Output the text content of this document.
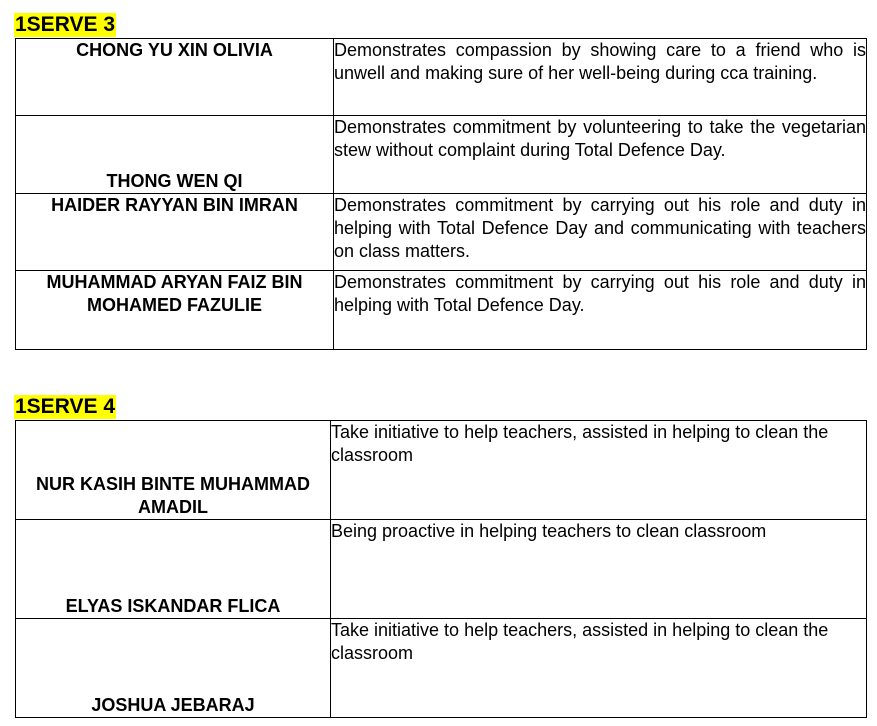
1SERVE 3
CHONG YU XIN OLIVIA	Demonstrates compassion by showing care to a friend who is unwell and making sure of her well-being during cca training.
THONG WEN QI	Demonstrates commitment by volunteering to take the vegetarian stew without complaint during Total Defence Day.
HAIDER RAYYAN BIN IMRAN	Demonstrates commitment by carrying out his role and duty in helping with Total Defence Day and communicating with teachers on class matters.
MUHAMMAD ARYAN FAIZ BIN MOHAMED FAZULIE	Demonstrates commitment by carrying out his role and duty in helping with Total Defence Day.
1SERVE 4
NUR KASIH BINTE MUHAMMAD AMADIL	Take initiative to help teachers, assisted in helping to clean the classroom
ELYAS ISKANDAR FLICA	Being proactive in helping teachers to clean classroom
JOSHUA JEBARAJ	Take initiative to help teachers, assisted in helping to clean the classroom
